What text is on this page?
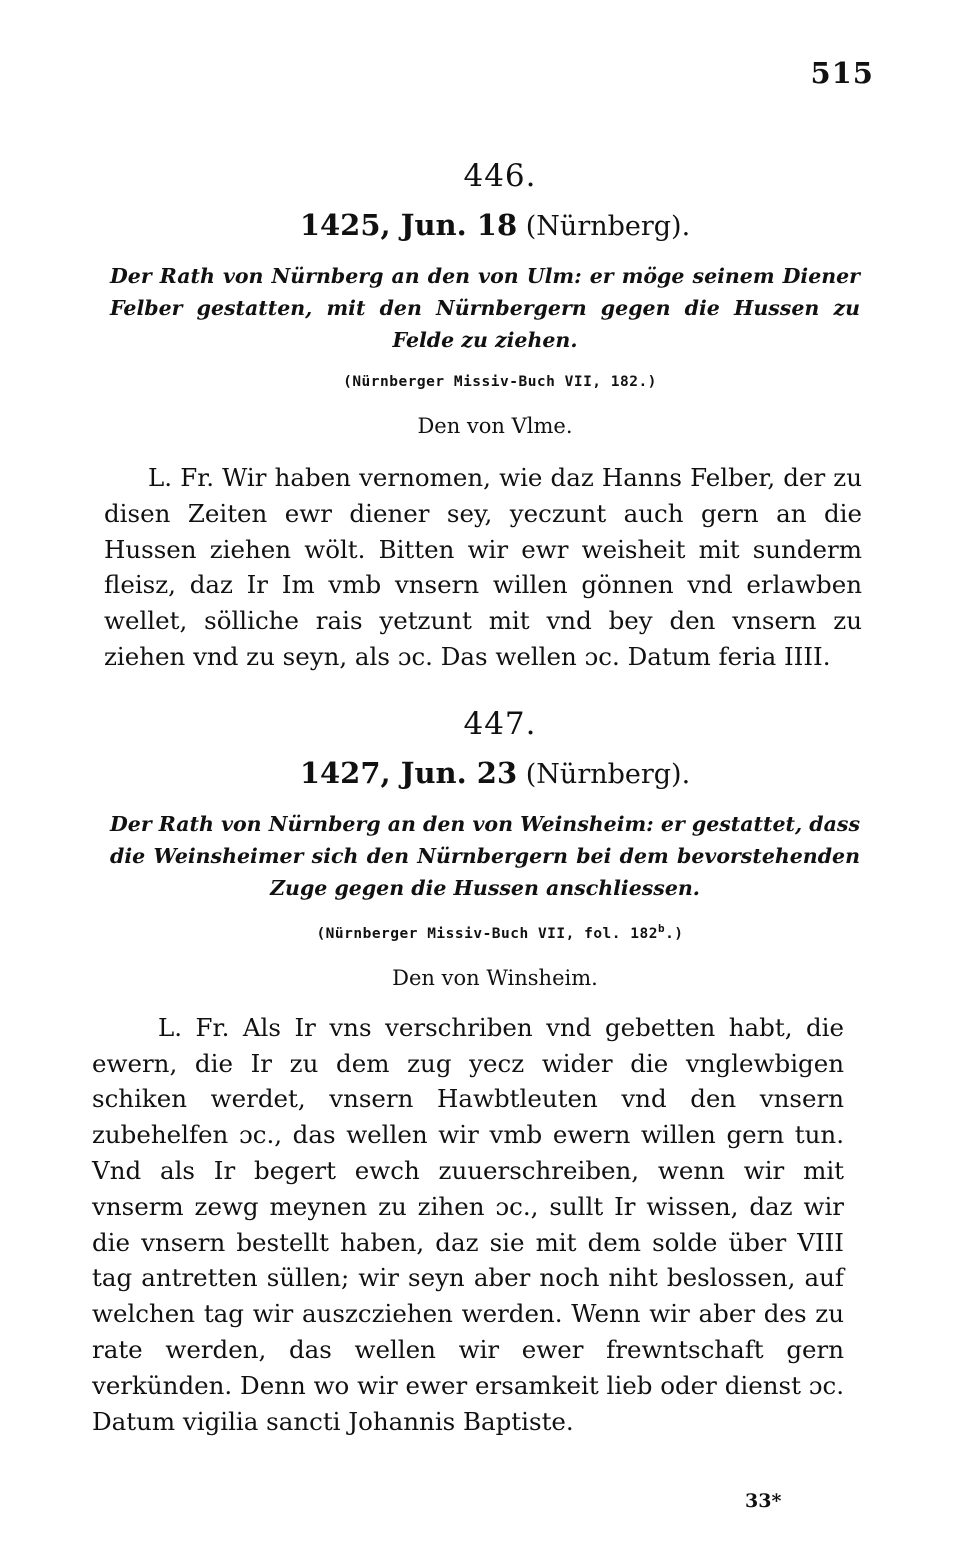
515
446.
1425, Jun. 18 (Nürnberg).
Der Rath von Nürnberg an den von Ulm: er möge seinem Diener Felber gestatten, mit den Nürnbergern gegen die Hussen zu Felde zu ziehen.
(Nürnberger Missiv-Buch VII, 182.)
Den von Vlme.

L. Fr. Wir haben vernomen, wie daz Hanns Felber, der zu disen Zeiten ewr diener sey, yeczunt auch gern an die Hussen ziehen wölt. Bitten wir ewr weisheit mit sunderm fleisz, daz Ir Im vmb vnsern willen gönnen vnd erlawben wellet, sölliche rais yetzunt mit vnd bey den vnsern zu ziehen vnd zu seyn, als ɔc. Das wellen ɔc. Datum feria IIII.

447.
1427, Jun. 23 (Nürnberg).
Der Rath von Nürnberg an den von Weinsheim: er gestattet, dass die Weinsheimer sich den Nürnbergern bei dem bevorstehenden Zuge gegen die Hussen anschliessen.
(Nürnberger Missiv-Buch VII, fol. 182$^b$.)
Den von Winsheim.

L. Fr. Als Ir vns verschriben vnd gebetten habt, die ewern, die Ir zu dem zug yecz wider die vnglewbigen schiken werdet, vnsern Hawbtleuten vnd den vnsern zubehelfen ɔc., das wellen wir vmb ewern willen gern tun. Vnd als Ir begert ewch zuuerschreiben, wenn wir mit vnserm zewg meynen zu zihen ɔc., sullt Ir wissen, daz wir die vnsern bestellt haben, daz sie mit dem solde über VIII tag antretten süllen; wir seyn aber noch niht beslossen, auf welchen tag wir auszcziehen werden. Wenn wir aber des zu rate werden, das wellen wir ewer frewntschaft gern verkünden. Denn wo wir ewer ersamkeit lieb oder dienst ɔc. Datum vigilia sancti Johannis Baptiste.

33*
